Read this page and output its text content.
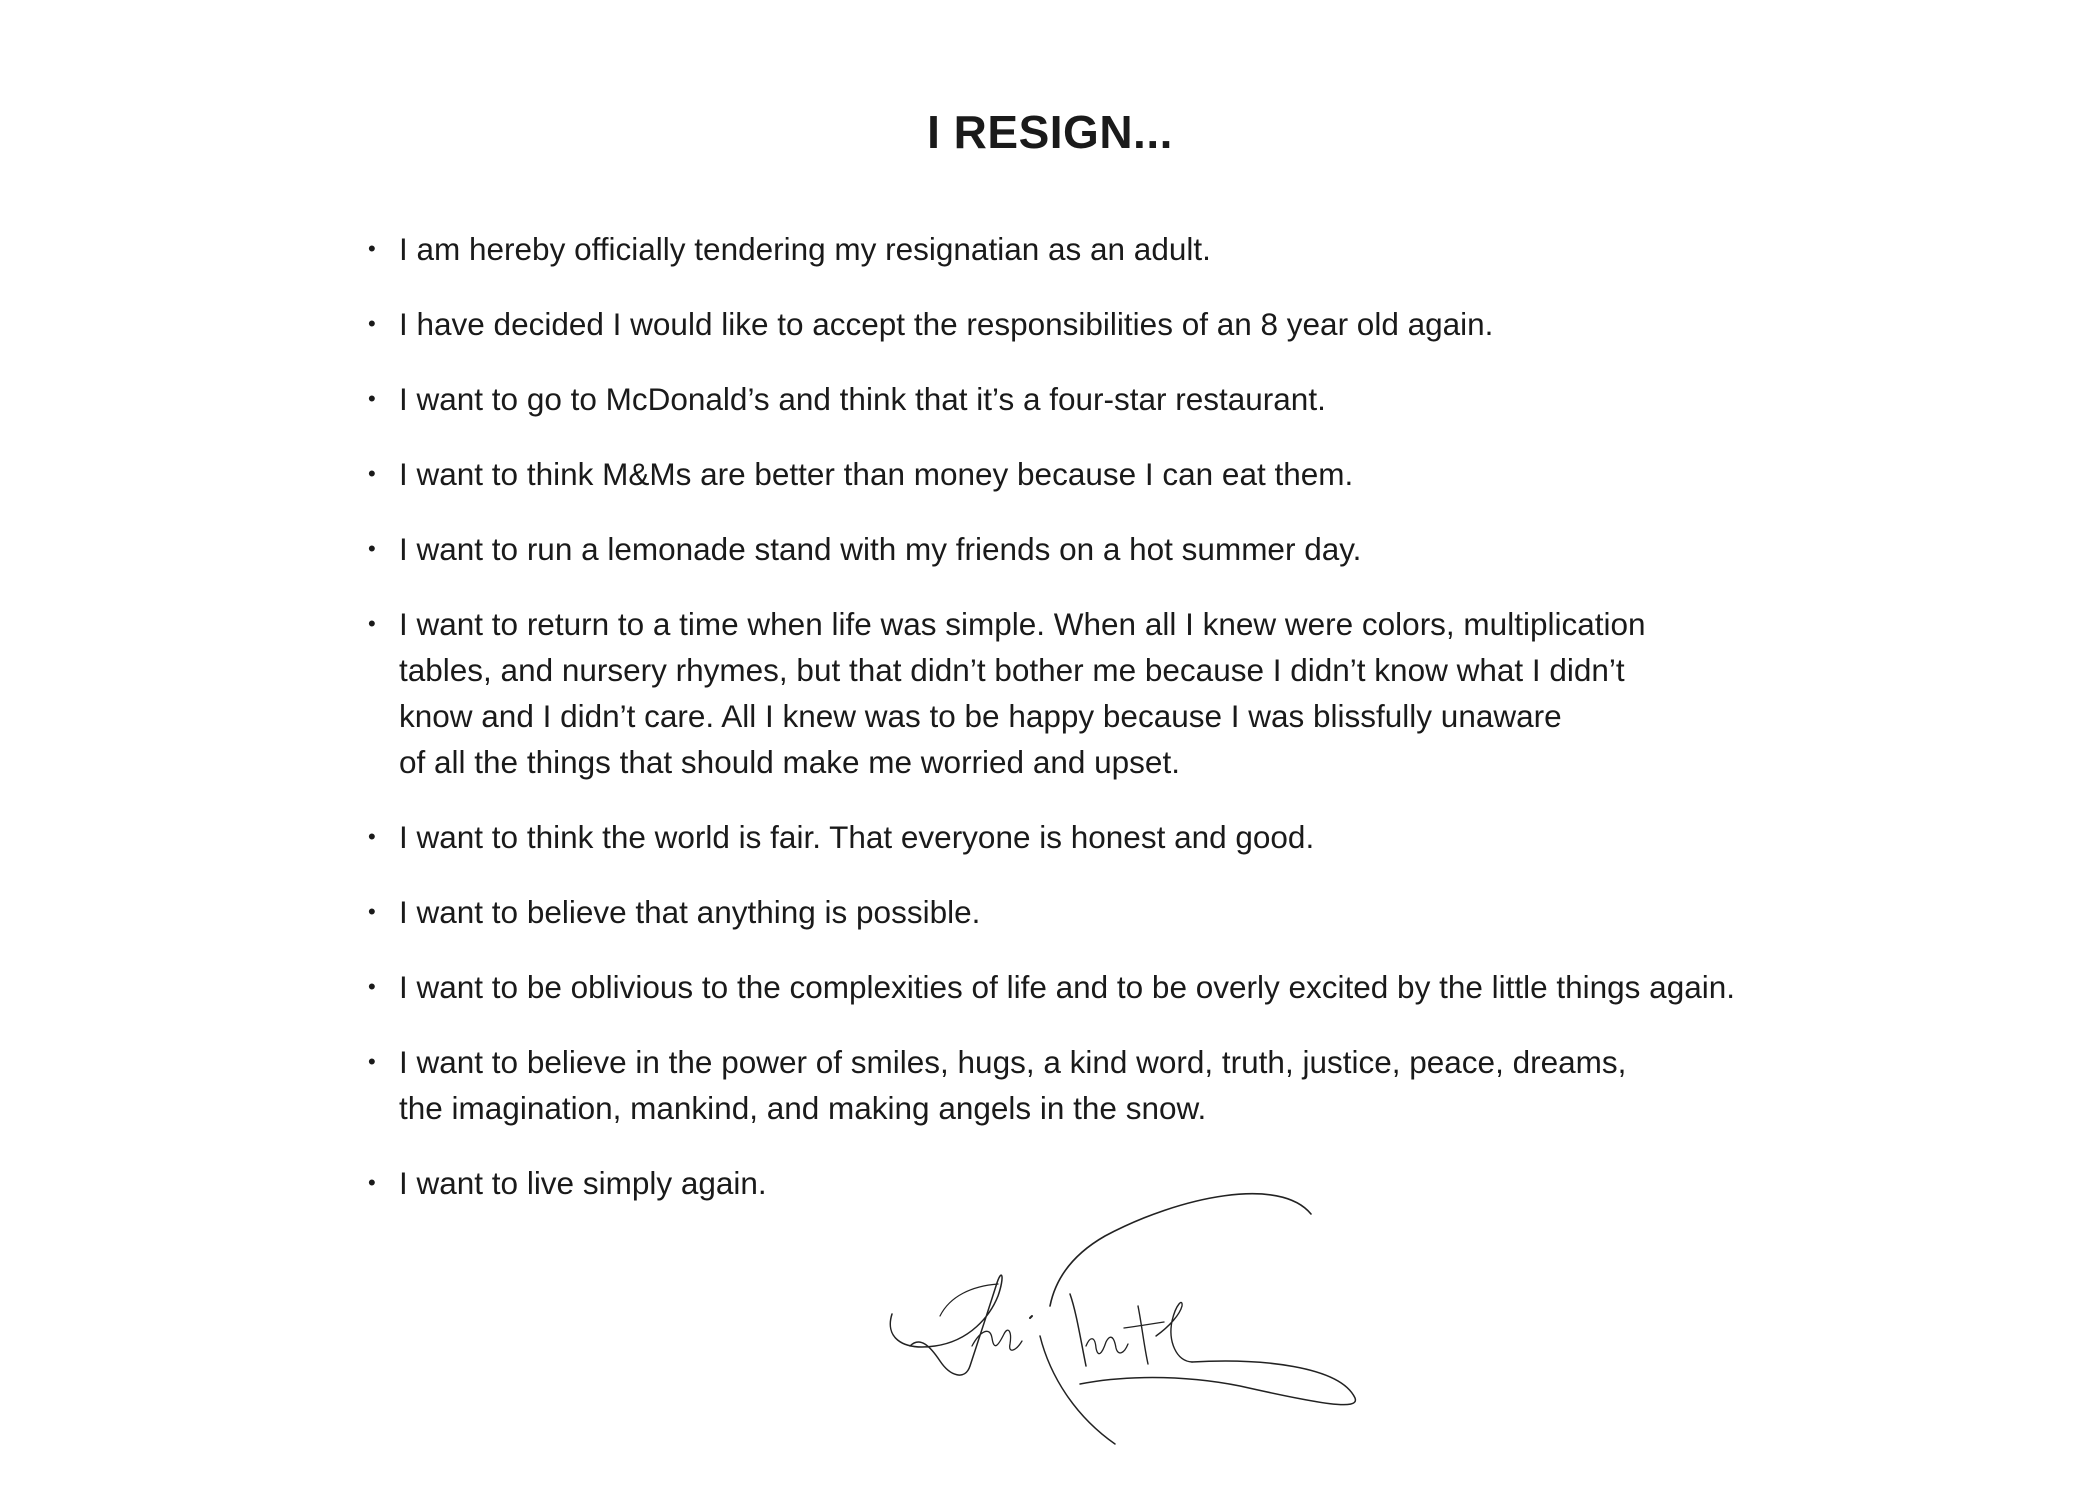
I RESIGN...
• I am hereby officially tendering my resignatian as an adult.
• I have decided I would like to accept the responsibilities of an 8 year old again.
• I want to go to McDonald’s and think that it’s a four-star restaurant.
• I want to think M&Ms are better than money because I can eat them.
• I want to run a lemonade stand with my friends on a hot summer day.
• I want to return to a time when life was simple. When all I knew were colors, multiplication
tables, and nursery rhymes, but that didn’t bother me because I didn’t know what I didn’t
know and I didn’t care. All I knew was to be happy because I was blissfully unaware
of all the things that should make me worried and upset.
• I want to think the world is fair. That everyone is honest and good.
• I want to believe that anything is possible.
• I want to be oblivious to the complexities of life and to be overly excited by the little things again.
• I want to believe in the power of smiles, hugs, a kind word, truth, justice, peace, dreams,
the imagination, mankind, and making angels in the snow.
• I want to live simply again.
